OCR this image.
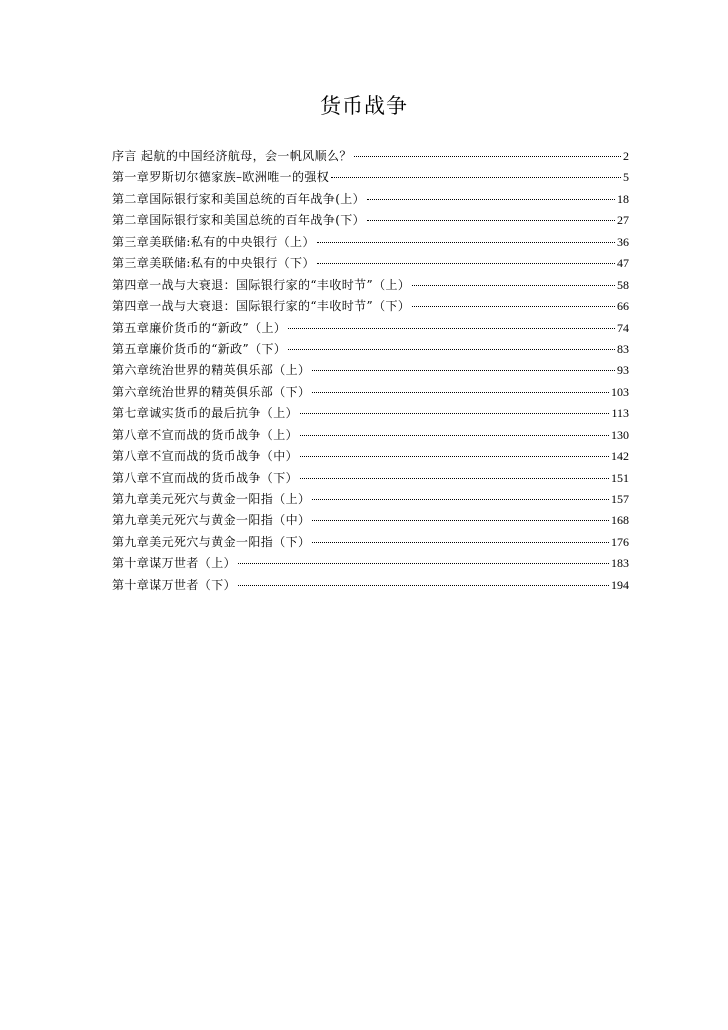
货币战争
序言 起航的中国经济航母，会一帆风顺么？	2
第一章罗斯切尔德家族–欧洲唯一的强权	5
第二章国际银行家和美国总统的百年战争(上）	18
第二章国际银行家和美国总统的百年战争(下）	27
第三章美联储:私有的中央银行（上）	36
第三章美联储:私有的中央银行（下）	47
第四章一战与大衰退：国际银行家的“丰收时节”（上）	58
第四章一战与大衰退：国际银行家的“丰收时节”（下）	66
第五章廉价货币的“新政”（上）	74
第五章廉价货币的“新政”（下）	83
第六章统治世界的精英俱乐部（上）	93
第六章统治世界的精英俱乐部（下）	103
第七章诚实货币的最后抗争（上）	113
第八章不宣而战的货币战争（上）	130
第八章不宣而战的货币战争（中）	142
第八章不宣而战的货币战争（下）	151
第九章美元死穴与黄金一阳指（上）	157
第九章美元死穴与黄金一阳指（中）	168
第九章美元死穴与黄金一阳指（下）	176
第十章谋万世者（上）	183
第十章谋万世者（下）	194
